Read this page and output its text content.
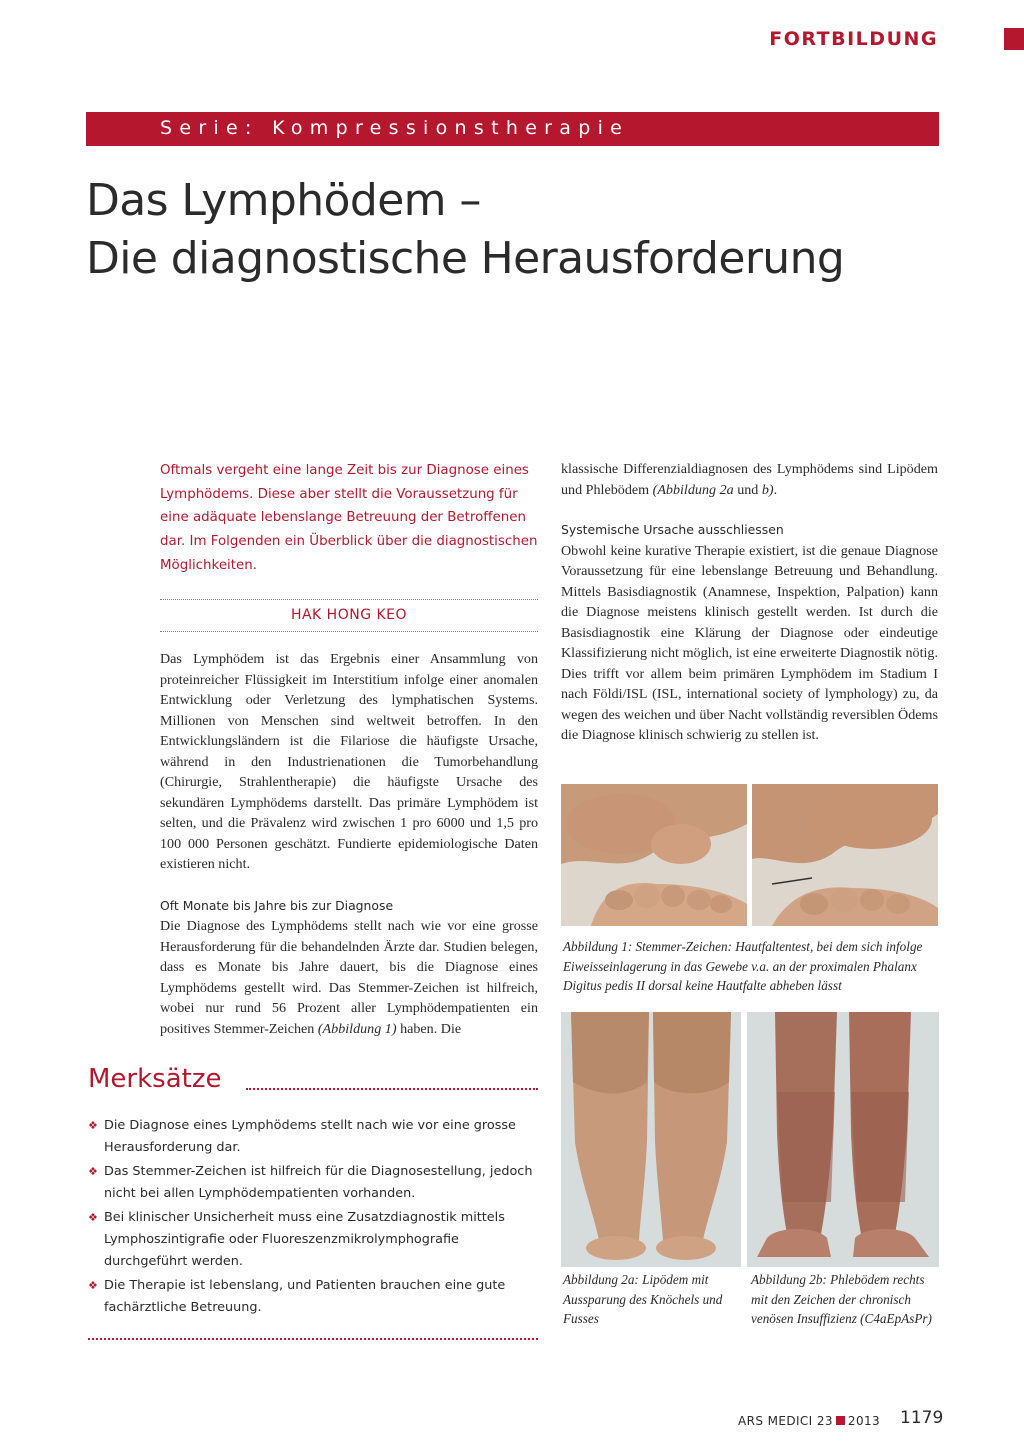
FORTBILDUNG
Serie: Kompressionstherapie
Das Lymphödem –
Die diagnostische Herausforderung
Oftmals vergeht eine lange Zeit bis zur Diagnose eines Lymphödems. Diese aber stellt die Voraussetzung für eine adäquate lebenslange Betreuung der Betroffenen dar. Im Folgenden ein Überblick über die diagnostischen Möglichkeiten.
HAK HONG KEO

Das Lymphödem ist das Ergebnis einer Ansammlung von proteinreicher Flüssigkeit im Interstitium infolge einer anomalen Entwicklung oder Verletzung des lymphatischen Systems. Millionen von Menschen sind weltweit betroffen. In den Entwicklungsländern ist die Filariose die häufigste Ursache, während in den Industrienationen die Tumorbehandlung (Chirurgie, Strahlentherapie) die häufigste Ursache des sekundären Lymphödems darstellt. Das primäre Lymphödem ist selten, und die Prävalenz wird zwischen 1 pro 6000 und 1,5 pro 100 000 Personen geschätzt. Fundierte epidemiologische Daten existieren nicht.

Oft Monate bis Jahre bis zur Diagnose

Die Diagnose des Lymphödems stellt nach wie vor eine grosse Herausforderung für die behandelnden Ärzte dar. Studien belegen, dass es Monate bis Jahre dauert, bis die Diagnose eines Lymphödems gestellt wird. Das Stemmer-Zeichen ist hilfreich, wobei nur rund 56 Prozent aller Lymphödempatienten ein positives Stemmer-Zeichen (Abbildung 1) haben. Die

klassische Differenzialdiagnosen des Lymphödems sind Lipödem und Phlebödem (Abbildung 2a und b).

Systemische Ursache ausschliessen

Obwohl keine kurative Therapie existiert, ist die genaue Diagnose Voraussetzung für eine lebenslange Betreuung und Behandlung. Mittels Basisdiagnostik (Anamnese, Inspektion, Palpation) kann die Diagnose meistens klinisch gestellt werden. Ist durch die Basisdiagnostik eine Klärung der Diagnose oder eindeutige Klassifizierung nicht möglich, ist eine erweiterte Diagnostik nötig. Dies trifft vor allem beim primären Lymphödem im Stadium I nach Földi/ISL (ISL, international society of lymphology) zu, da wegen des weichen und über Nacht vollständig reversiblen Ödems die Diagnose klinisch schwierig zu stellen ist.

Abbildung 1: Stemmer-Zeichen: Hautfaltentest, bei dem sich infolge Eiweisseinlagerung in das Gewebe v.a. an der proximalen Phalanx Digitus pedis II dorsal keine Hautfalte abheben lässt
Abbildung 2a: Lipödem mit Aussparung des Knöchels und Fusses
Abbildung 2b: Phlebödem rechts mit den Zeichen der chronisch venösen Insuffizienz (C4aEpAsPr)
Merksätze
❖ Die Diagnose eines Lymphödems stellt nach wie vor eine grosse Herausforderung dar.
❖ Das Stemmer-Zeichen ist hilfreich für die Diagnosestellung, jedoch nicht bei allen Lymphödempatienten vorhanden.
❖ Bei klinischer Unsicherheit muss eine Zusatzdiagnostik mittels Lymphoszintigrafie oder Fluoreszenzmikrolymphografie durchgeführt werden.
❖ Die Therapie ist lebenslang, und Patienten brauchen eine gute fachärztliche Betreuung.
ARS MEDICI 23 2013 1179
